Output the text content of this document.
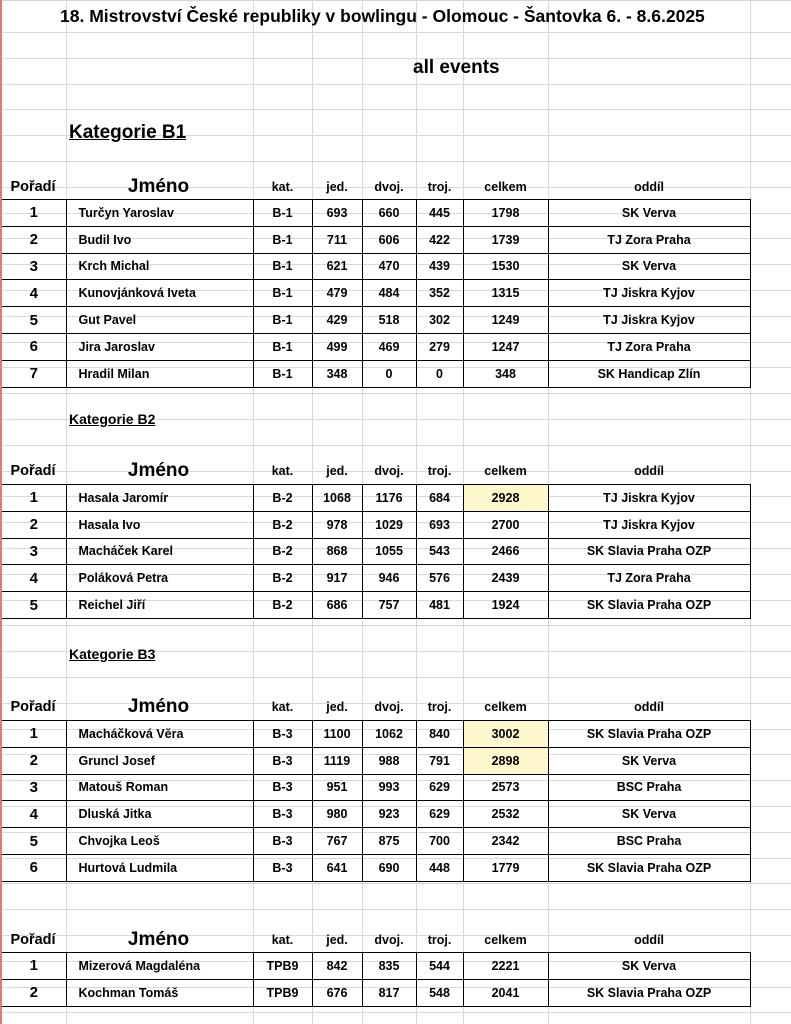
18. Mistrovství České republiky v bowlingu - Olomouc - Šantovka 6. - 8.6.2025
all events
Kategorie B1
Kategorie B2
Kategorie B3
Pořadí	Jméno	kat.	jed.	dvoj.	troj.	celkem	oddíl
1	Turčyn Yaroslav	B-1	693	660	445	1798	SK Verva
2	Budil Ivo	B-1	711	606	422	1739	TJ Zora Praha
3	Krch Michal	B-1	621	470	439	1530	SK Verva
4	Kunovjánková Iveta	B-1	479	484	352	1315	TJ Jiskra Kyjov
5	Gut Pavel	B-1	429	518	302	1249	TJ Jiskra Kyjov
6	Jira Jaroslav	B-1	499	469	279	1247	TJ Zora Praha
7	Hradil Milan	B-1	348	0	0	348	SK Handicap Zlín
Pořadí	Jméno	kat.	jed.	dvoj.	troj.	celkem	oddíl
1	Hasala Jaromír	B-2	1068	1176	684	2928	TJ Jiskra Kyjov
2	Hasala Ivo	B-2	978	1029	693	2700	TJ Jiskra Kyjov
3	Macháček Karel	B-2	868	1055	543	2466	SK Slavia Praha OZP
4	Poláková Petra	B-2	917	946	576	2439	TJ Zora Praha
5	Reichel Jiří	B-2	686	757	481	1924	SK Slavia Praha OZP
Pořadí	Jméno	kat.	jed.	dvoj.	troj.	celkem	oddíl
1	Macháčková Věra	B-3	1100	1062	840	3002	SK Slavia Praha OZP
2	Gruncl Josef	B-3	1119	988	791	2898	SK Verva
3	Matouš Roman	B-3	951	993	629	2573	BSC Praha
4	Dluská Jitka	B-3	980	923	629	2532	SK Verva
5	Chvojka Leoš	B-3	767	875	700	2342	BSC Praha
6	Hurtová Ludmila	B-3	641	690	448	1779	SK Slavia Praha OZP
Pořadí	Jméno	kat.	jed.	dvoj.	troj.	celkem	oddíl
1	Mizerová Magdaléna	TPB9	842	835	544	2221	SK Verva
2	Kochman Tomáš	TPB9	676	817	548	2041	SK Slavia Praha OZP
